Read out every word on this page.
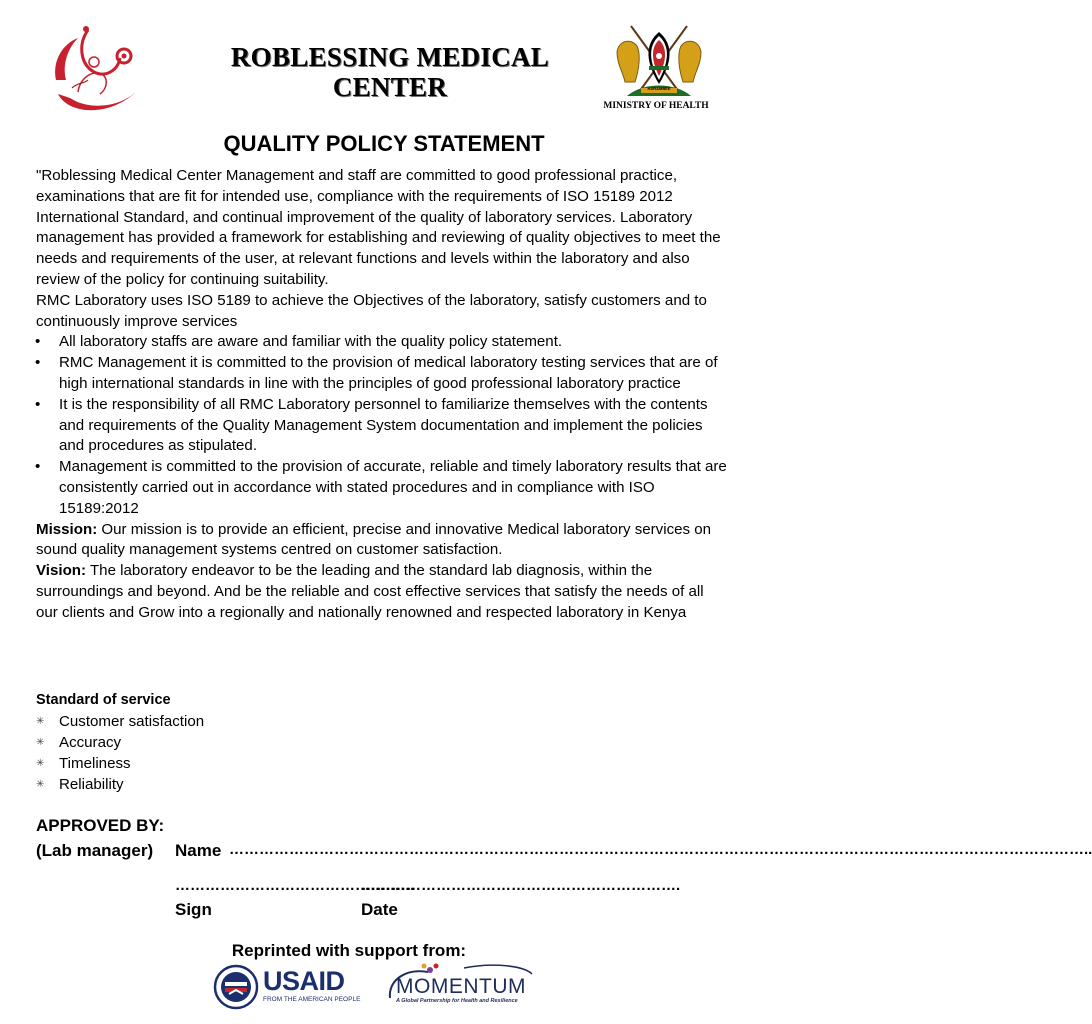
ROBLESSING MEDICAL
CENTER	HARAMBEE
MINISTRY OF HEALTH
QUALITY POLICY STATEMENT

"Roblessing Medical Center Management and staff are committed to good professional practice, examinations that are fit for intended use, compliance with the requirements of ISO 15189 2012 International Standard, and continual improvement of the quality of laboratory services. Laboratory management has provided a framework for establishing and reviewing of quality objectives to meet the needs and requirements of the user, at relevant functions and levels within the laboratory and also review of the policy for continuing suitability.

RMC Laboratory uses ISO 5189 to achieve the Objectives of the laboratory, satisfy customers and to continuously improve services

• All laboratory staffs are aware and familiar with the quality policy statement.
• RMC Management it is committed to the provision of medical laboratory testing services that are of high international standards in line with the principles of good professional laboratory practice
• It is the responsibility of all RMC Laboratory personnel to familiarize themselves with the contents and requirements of the Quality Management System documentation and implement the policies and procedures as stipulated.
• Management is committed to the provision of accurate, reliable and timely laboratory results that are consistently carried out in accordance with stated procedures and in compliance with ISO 15189:2012

Mission: Our mission is to provide an efficient, precise and innovative Medical laboratory services on sound quality management systems centred on customer satisfaction.

Vision: The laboratory endeavor to be the leading and the standard lab diagnosis, within the surroundings and beyond. And be the reliable and cost effective services that satisfy the needs of all our clients and Grow into a regionally and nationally renowned and respected laboratory in Kenya

Standard of service
✳ Customer satisfaction
✳ Accuracy
✳ Timeliness
✳ Reliability
APPROVED BY:
(Lab manager) Name ………………………………………………………………………………………………………………………………………………………..
…………………………………………
……………………………………………………….
Sign	Date
Reprinted with support from:
USAID
FROM THE AMERICAN PEOPLE
MOMENTUM
A Global Partnership for Health and Resilience
